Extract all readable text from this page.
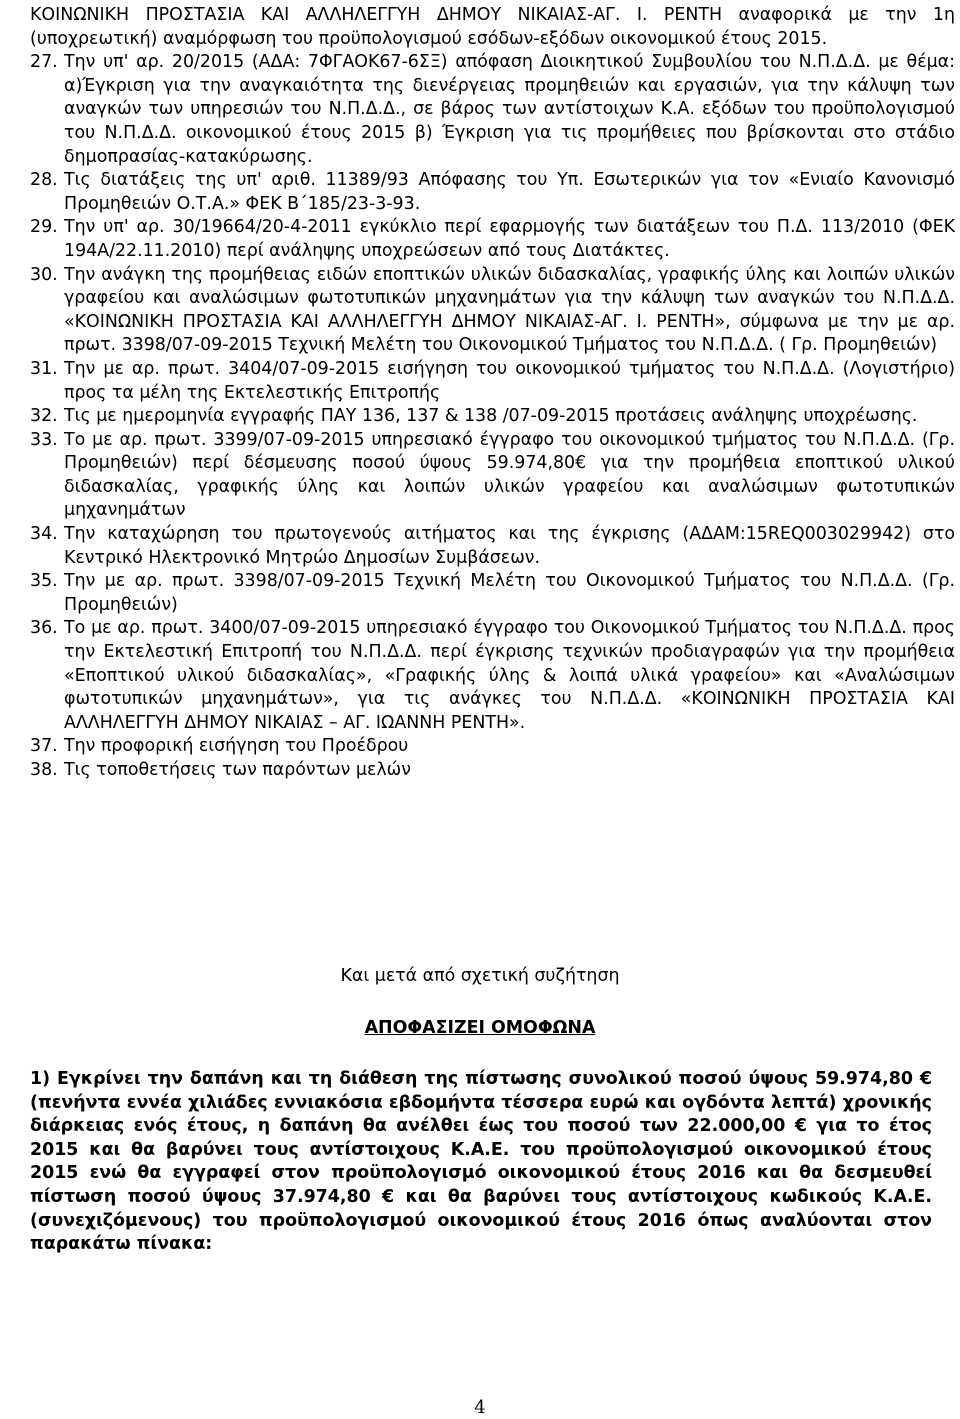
ΚΟΙΝΩΝΙΚΗ ΠΡΟΣΤΑΣΙΑ ΚΑΙ ΑΛΛΗΛΕΓΓΥΗ ΔΗΜΟΥ ΝΙΚΑΙΑΣ-ΑΓ. Ι. ΡΕΝΤΗ αναφορικά με την 1η (υποχρεωτική) αναμόρφωση του προϋπολογισμού εσόδων-εξόδων οικονομικού έτους 2015.

27. Την υπ' αρ. 20/2015 (ΑΔΑ: 7ΦΓΑΟΚ67-6ΣΞ) απόφαση Διοικητικού Συμβουλίου του Ν.Π.Δ.Δ. με θέμα: α)Έγκριση για την αναγκαιότητα της διενέργειας προμηθειών και εργασιών, για την κάλυψη των αναγκών των υπηρεσιών του Ν.Π.Δ.Δ., σε βάρος των αντίστοιχων Κ.Α. εξόδων του προϋπολογισμού του Ν.Π.Δ.Δ. οικονομικού έτους 2015 β) Έγκριση για τις προμήθειες που βρίσκονται στο στάδιο δημοπρασίας-κατακύρωσης.

28. Τις διατάξεις της υπ' αριθ. 11389/93 Απόφασης του Υπ. Εσωτερικών για τον «Ενιαίο Κανονισμό Προμηθειών Ο.Τ.Α.» ΦΕΚ Β΄185/23-3-93.

29. Την υπ' αρ. 30/19664/20-4-2011 εγκύκλιο περί εφαρμογής των διατάξεων του Π.Δ. 113/2010 (ΦΕΚ 194Α/22.11.2010) περί ανάληψης υποχρεώσεων από τους Διατάκτες.

30. Την ανάγκη της προμήθειας ειδών εποπτικών υλικών διδασκαλίας, γραφικής ύλης και λοιπών υλικών γραφείου και αναλώσιμων φωτοτυπικών μηχανημάτων για την κάλυψη των αναγκών του Ν.Π.Δ.Δ. «ΚΟΙΝΩΝΙΚΗ ΠΡΟΣΤΑΣΙΑ ΚΑΙ ΑΛΛΗΛΕΓΓΥΗ ΔΗΜΟΥ ΝΙΚΑΙΑΣ-ΑΓ. Ι. ΡΕΝΤΗ», σύμφωνα με την με αρ. πρωτ. 3398/07-09-2015 Τεχνική Μελέτη του Οικονομικού Τμήματος του Ν.Π.Δ.Δ. ( Γρ. Προμηθειών)

31. Την με αρ. πρωτ. 3404/07-09-2015 εισήγηση του οικονομικού τμήματος του Ν.Π.Δ.Δ. (Λογιστήριο) προς τα μέλη της Εκτελεστικής Επιτροπής

32. Τις με ημερομηνία εγγραφής ΠΑΥ 136, 137 & 138 /07-09-2015 προτάσεις ανάληψης υποχρέωσης.

33. Το με αρ. πρωτ. 3399/07-09-2015 υπηρεσιακό έγγραφο του οικονομικού τμήματος του Ν.Π.Δ.Δ. (Γρ. Προμηθειών) περί δέσμευσης ποσού ύψους 59.974,80€ για την προμήθεια εποπτικού υλικού διδασκαλίας, γραφικής ύλης και λοιπών υλικών γραφείου και αναλώσιμων φωτοτυπικών μηχανημάτων

34. Την καταχώρηση του πρωτογενούς αιτήματος και της έγκρισης (ΑΔΑΜ:15REQ003029942) στο Κεντρικό Ηλεκτρονικό Μητρώο Δημοσίων Συμβάσεων.

35. Την με αρ. πρωτ. 3398/07-09-2015 Τεχνική Μελέτη του Οικονομικού Τμήματος του Ν.Π.Δ.Δ. (Γρ. Προμηθειών)

36. Το με αρ. πρωτ. 3400/07-09-2015 υπηρεσιακό έγγραφο του Οικονομικού Τμήματος του Ν.Π.Δ.Δ. προς την Εκτελεστική Επιτροπή του Ν.Π.Δ.Δ. περί έγκρισης τεχνικών προδιαγραφών για την προμήθεια «Εποπτικού υλικού διδασκαλίας», «Γραφικής ύλης & λοιπά υλικά γραφείου» και «Αναλώσιμων φωτοτυπικών μηχανημάτων», για τις ανάγκες του Ν.Π.Δ.Δ. «ΚΟΙΝΩΝΙΚΗ ΠΡΟΣΤΑΣΙΑ ΚΑΙ ΑΛΛΗΛΕΓΓΥΗ ΔΗΜΟΥ ΝΙΚΑΙΑΣ – ΑΓ. ΙΩΑΝΝΗ ΡΕΝΤΗ».

37. Την προφορική εισήγηση του Προέδρου

38. Τις τοποθετήσεις των παρόντων μελών

Και μετά από σχετική συζήτηση
ΑΠΟΦΑΣΙΖΕΙ ΟΜΟΦΩΝΑ

1) Εγκρίνει την δαπάνη και τη διάθεση της πίστωσης συνολικού ποσού ύψους 59.974,80 € (πενήντα εννέα χιλιάδες εννιακόσια εβδομήντα τέσσερα ευρώ και ογδόντα λεπτά) χρονικής διάρκειας ενός έτους, η δαπάνη θα ανέλθει έως του ποσού των 22.000,00 € για το έτος 2015 και θα βαρύνει τους αντίστοιχους Κ.Α.Ε. του προϋπολογισμού οικονομικού έτους 2015 ενώ θα εγγραφεί στον προϋπολογισμό οικονομικού έτους 2016 και θα δεσμευθεί πίστωση ποσού ύψους 37.974,80 € και θα βαρύνει τους αντίστοιχους κωδικούς Κ.Α.Ε. (συνεχιζόμενους) του προϋπολογισμού οικονομικού έτους 2016 όπως αναλύονται στον παρακάτω πίνακα:

4
